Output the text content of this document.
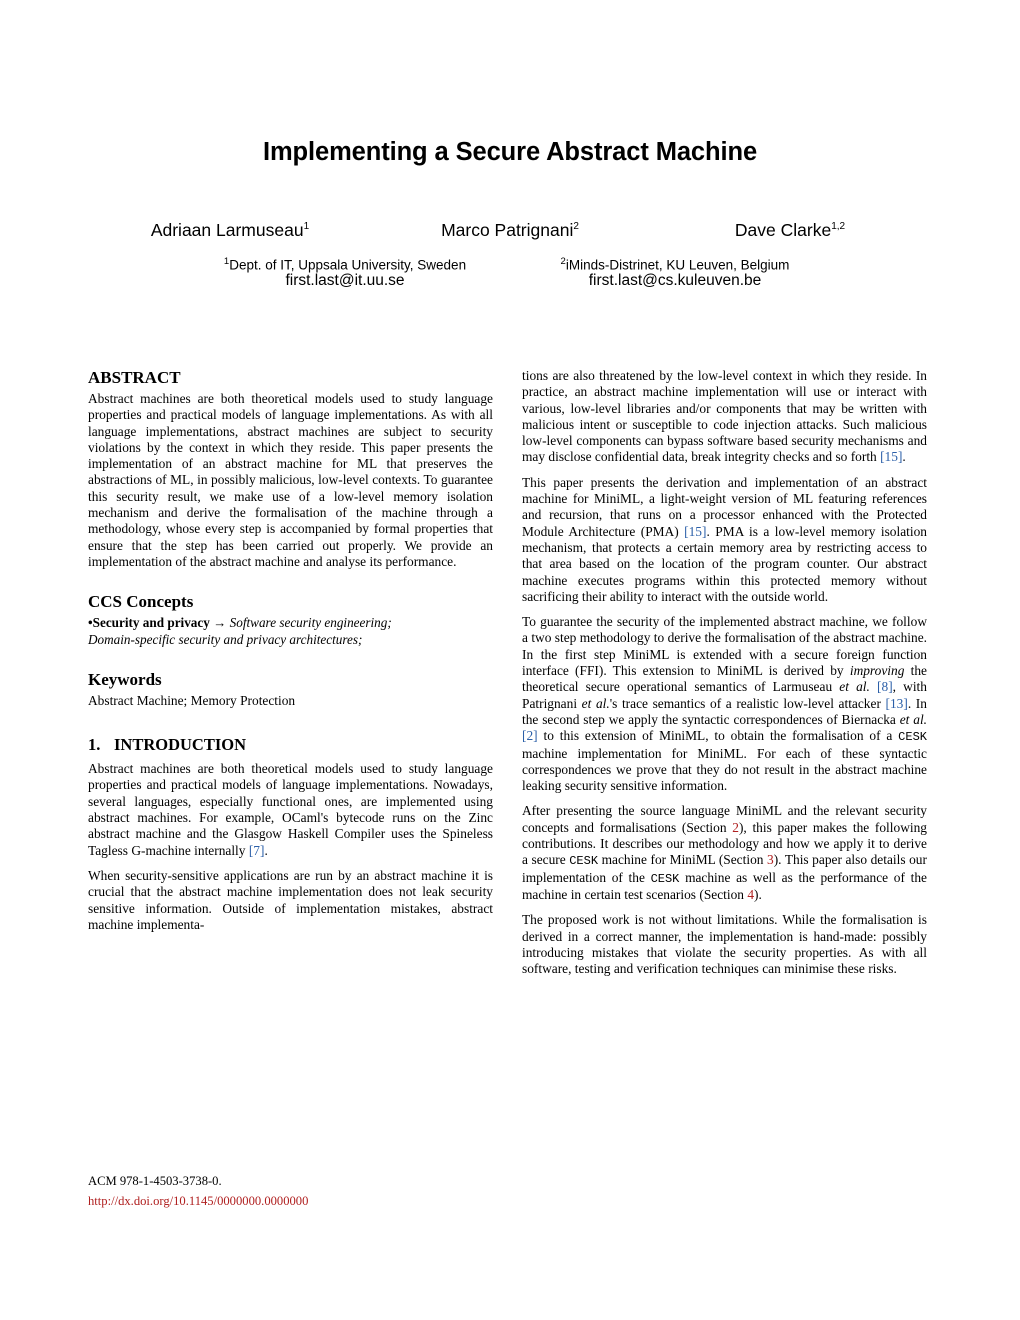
Implementing a Secure Abstract Machine
Adriaan Larmuseau$^1$	Marco Patrignani$^2$	Dave Clarke$^{1,2}$
$^1$Dept. of IT, Uppsala University, Sweden	$^2$iMinds-Distrinet, KU Leuven, Belgium
first.last@it.uu.se	first.last@cs.kuleuven.be
ABSTRACT

Abstract machines are both theoretical models used to study language properties and practical models of language implementations. As with all language implementations, abstract machines are subject to security violations by the context in which they reside. This paper presents the implementation of an abstract machine for ML that preserves the abstractions of ML, in possibly malicious, low-level contexts. To guarantee this security result, we make use of a low-level memory isolation mechanism and derive the formalisation of the machine through a methodology, whose every step is accompanied by formal properties that ensure that the step has been carried out properly. We provide an implementation of the abstract machine and analyse its performance.

CCS Concepts
•Security and privacy → Software security engineering;
Domain-specific security and privacy architectures;
Keywords

Abstract Machine; Memory Protection

1. INTRODUCTION

Abstract machines are both theoretical models used to study language properties and practical models of language implementations. Nowadays, several languages, especially functional ones, are implemented using abstract machines. For example, OCaml's bytecode runs on the Zinc abstract machine and the Glasgow Haskell Compiler uses the Spineless Tagless G-machine internally [7].

When security-sensitive applications are run by an abstract machine it is crucial that the abstract machine implementation does not leak security sensitive information. Outside of implementation mistakes, abstract machine implementa-

tions are also threatened by the low-level context in which they reside. In practice, an abstract machine implementation will use or interact with various, low-level libraries and/or components that may be written with malicious intent or susceptible to code injection attacks. Such malicious low-level components can bypass software based security mechanisms and may disclose confidential data, break integrity checks and so forth [15].

This paper presents the derivation and implementation of an abstract machine for MiniML, a light-weight version of ML featuring references and recursion, that runs on a processor enhanced with the Protected Module Architecture (PMA) [15]. PMA is a low-level memory isolation mechanism, that protects a certain memory area by restricting access to that area based on the location of the program counter. Our abstract machine executes programs within this protected memory without sacrificing their ability to interact with the outside world.

To guarantee the security of the implemented abstract machine, we follow a two step methodology to derive the formalisation of the abstract machine. In the first step MiniML is extended with a secure foreign function interface (FFI). This extension to MiniML is derived by improving the theoretical secure operational semantics of Larmuseau et al. [8], with Patrignani et al.'s trace semantics of a realistic low-level attacker [13]. In the second step we apply the syntactic correspondences of Biernacka et al. [2] to this extension of MiniML, to obtain the formalisation of a CESK machine implementation for MiniML. For each of these syntactic correspondences we prove that they do not result in the abstract machine leaking security sensitive information.

After presenting the source language MiniML and the relevant security concepts and formalisations (Section 2), this paper makes the following contributions. It describes our methodology and how we apply it to derive a secure CESK machine for MiniML (Section 3). This paper also details our implementation of the CESK machine as well as the performance of the machine in certain test scenarios (Section 4).

The proposed work is not without limitations. While the formalisation is derived in a correct manner, the implementation is hand-made: possibly introducing mistakes that violate the security properties. As with all software, testing and verification techniques can minimise these risks.

ACM 978-1-4503-3738-0.
http://dx.doi.org/10.1145/0000000.0000000
